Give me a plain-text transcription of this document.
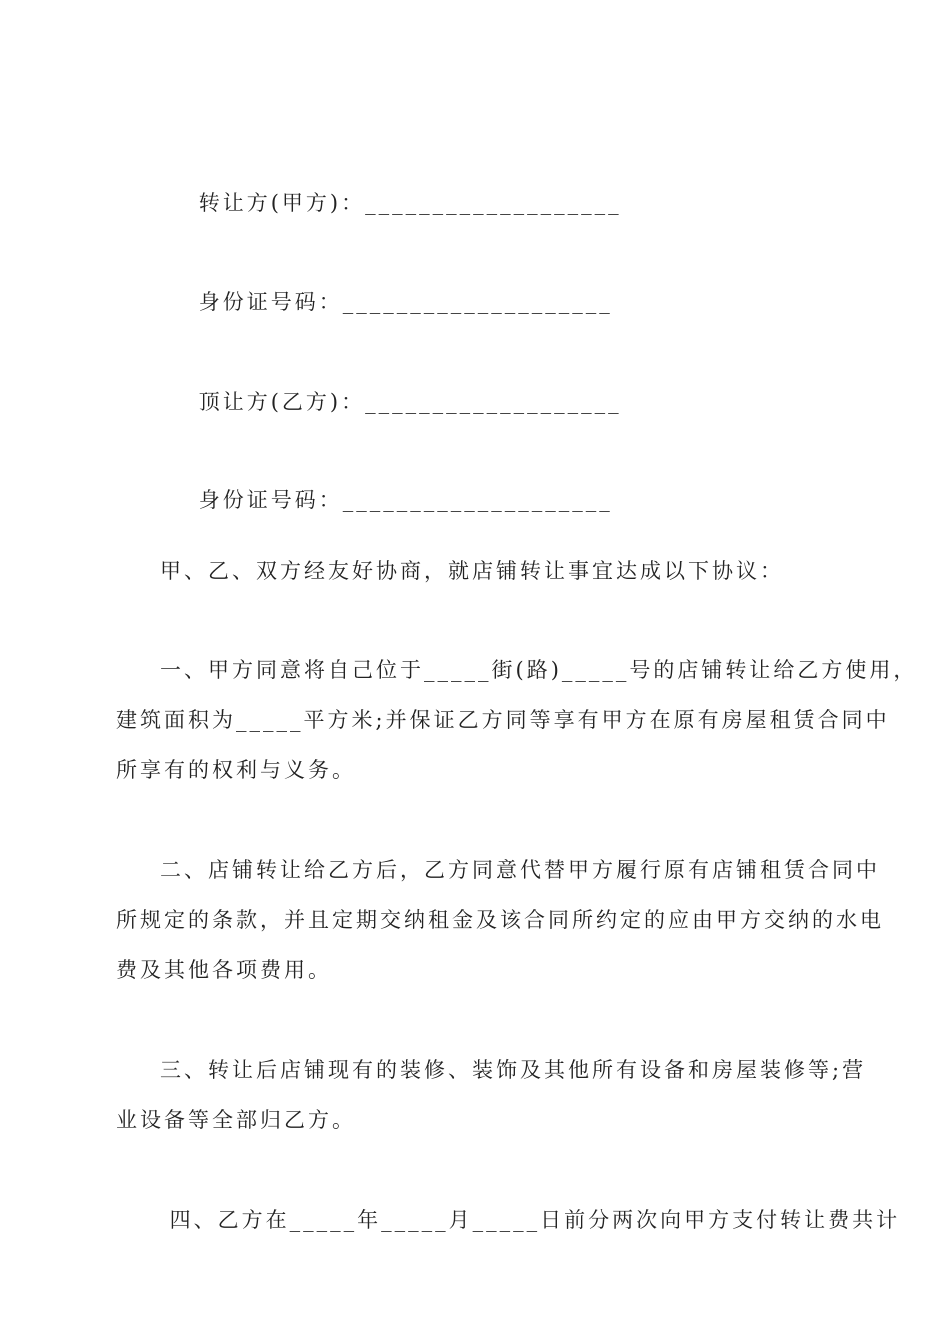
转让方(甲方)：___________________

身份证号码：____________________

顶让方(乙方)：___________________

身份证号码：____________________

甲、乙、双方经友好协商，就店铺转让事宜达成以下协议：
一、甲方同意将自己位于_____街(路)_____号的店铺转让给乙方使用，
建筑面积为_____平方米;并保证乙方同等享有甲方在原有房屋租赁合同中
所享有的权利与义务。
二、店铺转让给乙方后，乙方同意代替甲方履行原有店铺租赁合同中
所规定的条款，并且定期交纳租金及该合同所约定的应由甲方交纳的水电
费及其他各项费用。
三、转让后店铺现有的装修、装饰及其他所有设备和房屋装修等;营
业设备等全部归乙方。
四、乙方在_____年_____月_____日前分两次向甲方支付转让费共计
